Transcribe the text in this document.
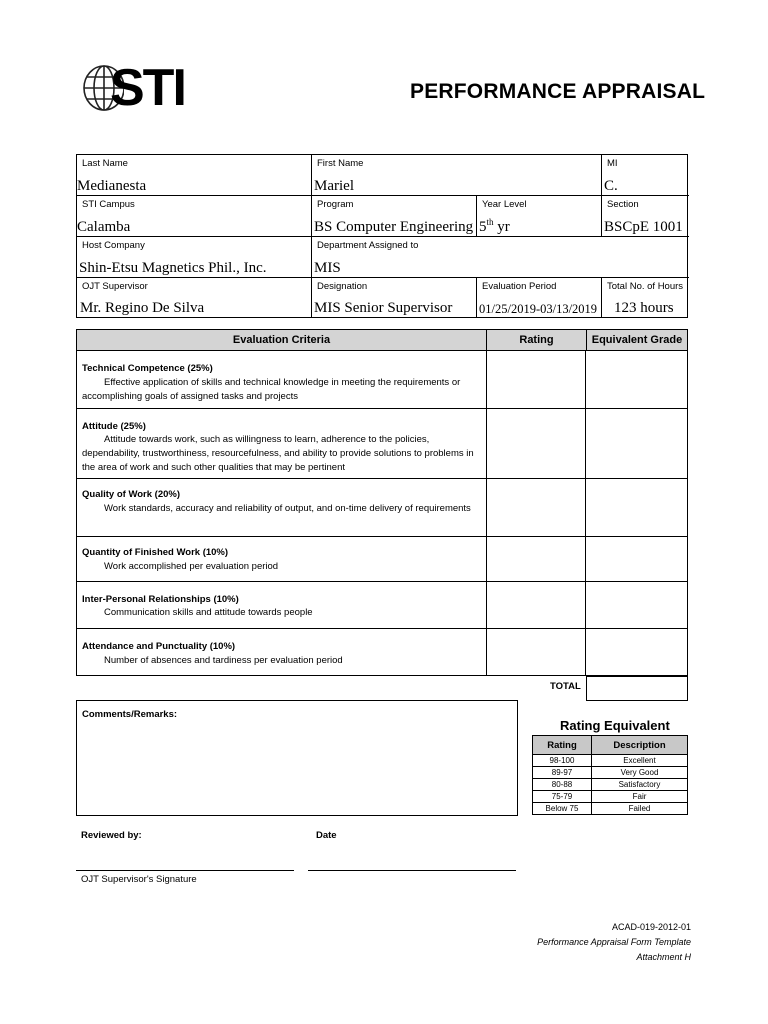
STI	PERFORMANCE APPRAISAL
Last Name
Medianesta
First Name
Mariel
MI
C.
STI Campus
Calamba
Program
BS Computer Engineering
Year Level
5th yr
Section
BSCpE 1001
Host Company
Shin-Etsu Magnetics Phil., Inc.
Department Assigned to
MIS
OJT Supervisor
Mr. Regino De Silva
Designation
MIS Senior Supervisor
Evaluation Period
01/25/2019-03/13/2019
Total No. of Hours
123 hours
Evaluation Criteria	Rating	Equivalent Grade
Technical Competence (25%)
Effective application of skills and technical knowledge in meeting the requirements or accomplishing goals of assigned tasks and projects
Attitude (25%)
Attitude towards work, such as willingness to learn, adherence to the policies, dependability, trustworthiness, resourcefulness, and ability to provide solutions to problems in the area of work and such other qualities that may be pertinent
Quality of Work (20%)
Work standards, accuracy and reliability of output, and on-time delivery of requirements
Quantity of Finished Work (10%)
Work accomplished per evaluation period
Inter-Personal Relationships (10%)
Communication skills and attitude towards people
Attendance and Punctuality (10%)
Number of absences and tardiness per evaluation period
TOTAL
Comments/Remarks:
Rating Equivalent
Rating	Description
98-100	Excellent
89-97	Very Good
80-88	Satisfactory
75-79	Fair
Below 75	Failed
Reviewed by:	Date
OJT Supervisor's Signature
ACAD-019-2012-01
Performance Appraisal Form Template
Attachment H
